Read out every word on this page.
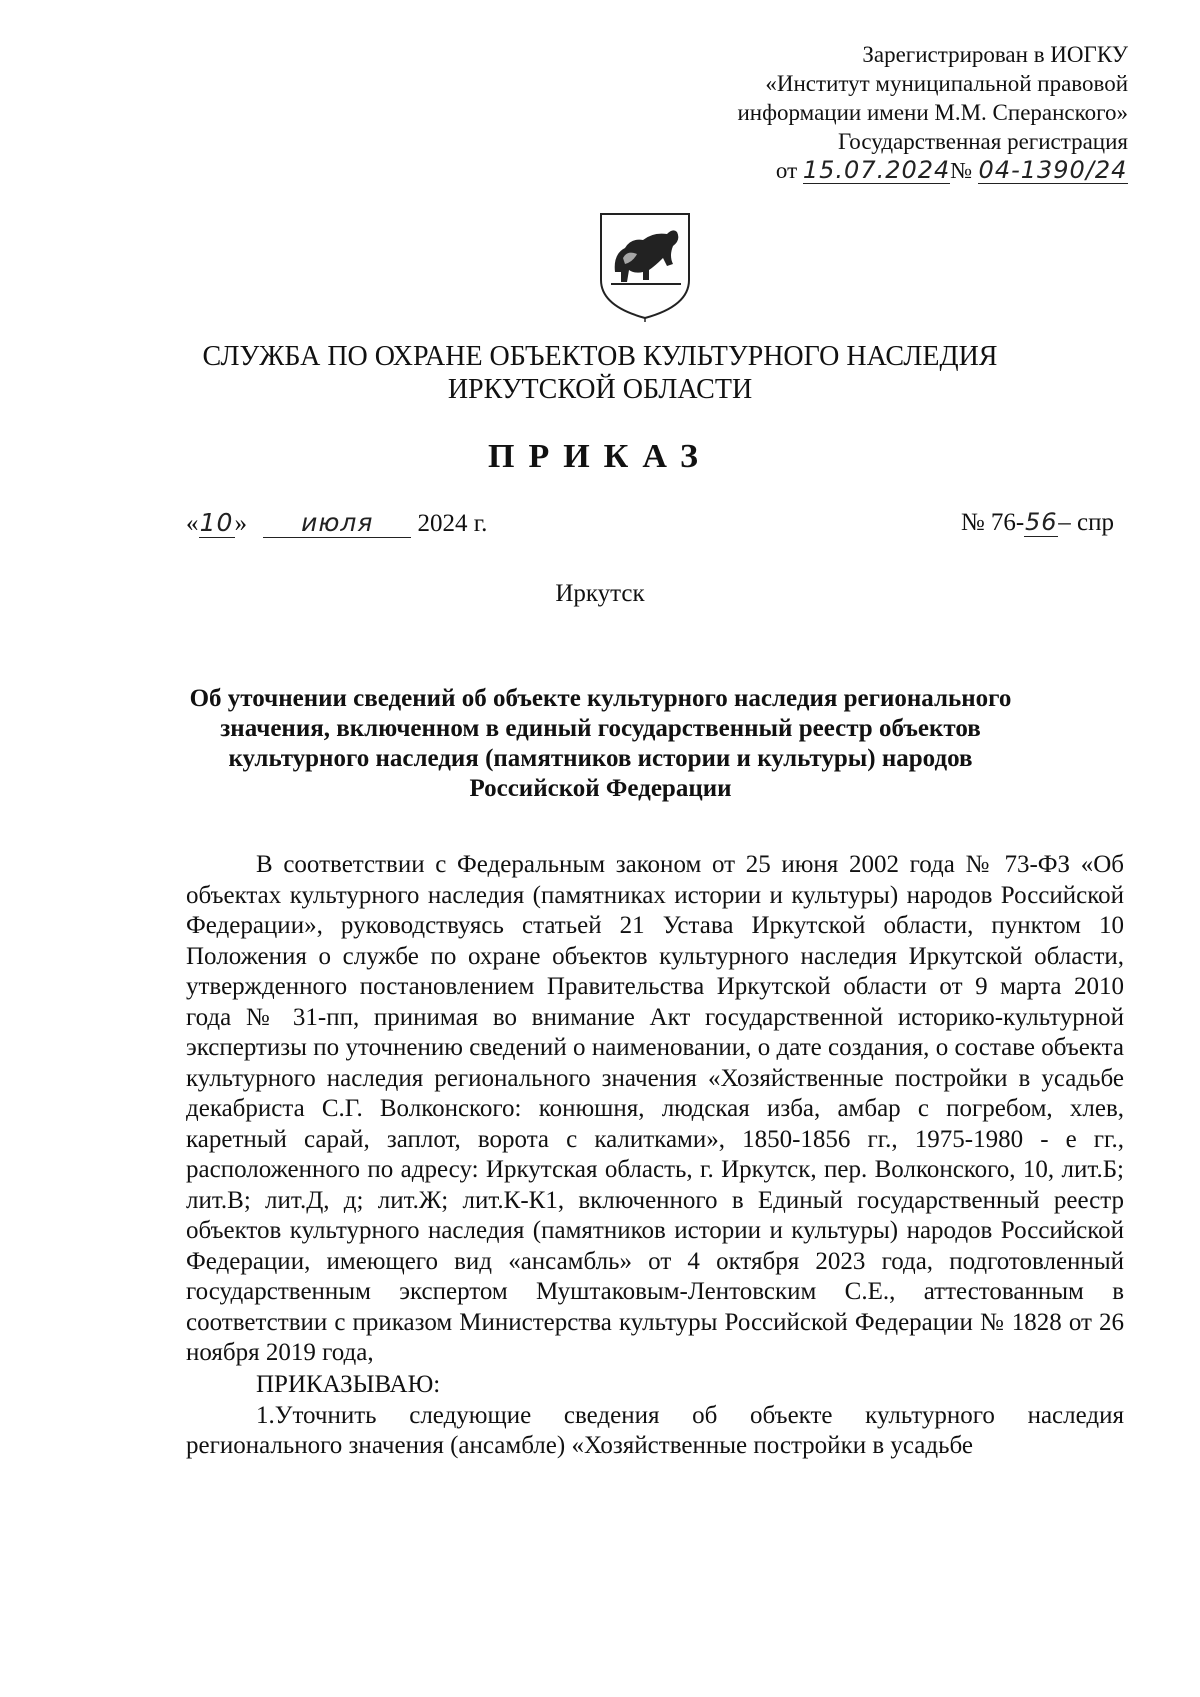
Зарегистрирован в ИОГКУ
«Институт муниципальной правовой
информации имени М.М. Сперанского»
Государственная регистрация
от 15.07.2024№ 04-1390/24
СЛУЖБА ПО ОХРАНЕ ОБЪЕКТОВ КУЛЬТУРНОГО НАСЛЕДИЯ
ИРКУТСКОЙ ОБЛАСТИ
ПРИКАЗ
«10» июля 2024 г.	№ 76-56– спр
Иркутск
Об уточнении сведений об объекте культурного наследия регионального значения, включенном в единый государственный реестр объектов культурного наследия (памятников истории и культуры) народов Российской Федерации

В соответствии с Федеральным законом от 25 июня 2002 года № 73-ФЗ «Об объектах культурного наследия (памятниках истории и культуры) народов Российской Федерации», руководствуясь статьей 21 Устава Иркутской области, пунктом 10 Положения о службе по охране объектов культурного наследия Иркутской области, утвержденного постановлением Правительства Иркутской области от 9 марта 2010 года № 31-пп, принимая во внимание Акт государственной историко-культурной экспертизы по уточнению сведений о наименовании, о дате создания, о составе объекта культурного наследия регионального значения «Хозяйственные постройки в усадьбе декабриста С.Г. Волконского: конюшня, людская изба, амбар с погребом, хлев, каретный сарай, заплот, ворота с калитками», 1850-1856 гг., 1975-1980 - е гг., расположенного по адресу: Иркутская область, г. Иркутск, пер. Волконского, 10, лит.Б; лит.В; лит.Д, д; лит.Ж; лит.К-К1, включенного в Единый государственный реестр объектов культурного наследия (памятников истории и культуры) народов Российской Федерации, имеющего вид «ансамбль» от 4 октября 2023 года, подготовленный государственным экспертом Муштаковым-Лентовским С.Е., аттестованным в соответствии с приказом Министерства культуры Российской Федерации № 1828 от 26 ноября 2019 года,

ПРИКАЗЫВАЮ:

1.Уточнить следующие сведения об объекте культурного наследия регионального значения (ансамбле) «Хозяйственные постройки в усадьбе
